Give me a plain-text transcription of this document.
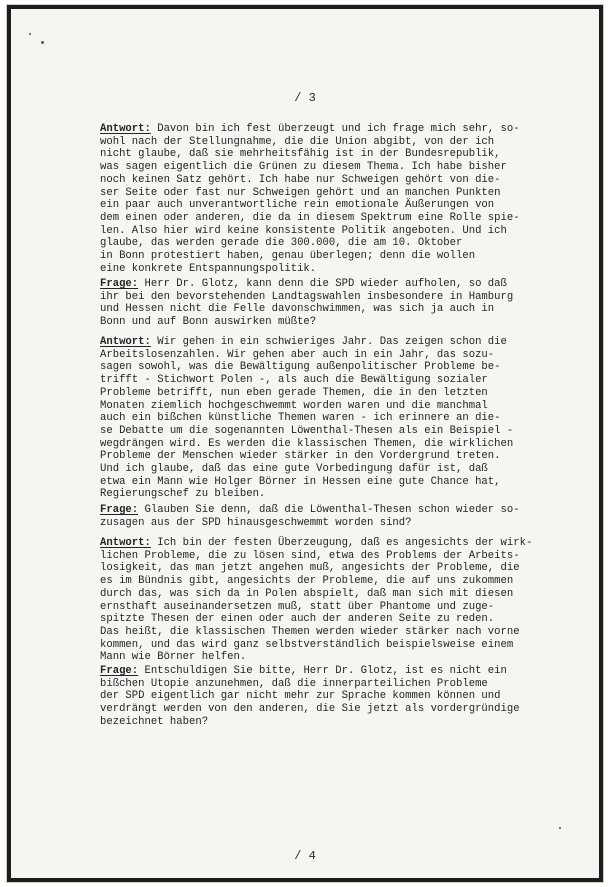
/ 3

Antwort: Davon bin ich fest überzeugt und ich frage mich sehr, so-
wohl nach der Stellungnahme, die die Union abgibt, von der ich
nicht glaube, daß sie mehrheitsfähig ist in der Bundesrepublik,
was sagen eigentlich die Grünen zu diesem Thema. Ich habe bisher
noch keinen Satz gehört. Ich habe nur Schweigen gehört von die-
ser Seite oder fast nur Schweigen gehört und an manchen Punkten
ein paar auch unverantwortliche rein emotionale Äußerungen von
dem einen oder anderen, die da in diesem Spektrum eine Rolle spie-
len. Also hier wird keine konsistente Politik angeboten. Und ich
glaube, das werden gerade die 300.000, die am 10. Oktober
in Bonn protestiert haben, genau überlegen; denn die wollen
eine konkrete Entspannungspolitik.

Frage: Herr Dr. Glotz, kann denn die SPD wieder aufholen, so daß
ihr bei den bevorstehenden Landtagswahlen insbesondere in Hamburg
und Hessen nicht die Felle davonschwimmen, was sich ja auch in
Bonn und auf Bonn auswirken müßte?

Antwort: Wir gehen in ein schwieriges Jahr. Das zeigen schon die
Arbeitslosenzahlen. Wir gehen aber auch in ein Jahr, das sozu-
sagen sowohl, was die Bewältigung außenpolitischer Probleme be-
trifft - Stichwort Polen -, als auch die Bewältigung sozialer
Probleme betrifft, nun eben gerade Themen, die in den letzten
Monaten ziemlich hochgeschwemmt worden waren und die manchmal
auch ein bißchen künstliche Themen waren - ich erinnere an die-
se Debatte um die sogenannten Löwenthal-Thesen als ein Beispiel -
wegdrängen wird. Es werden die klassischen Themen, die wirklichen
Probleme der Menschen wieder stärker in den Vordergrund treten.
Und ich glaube, daß das eine gute Vorbedingung dafür ist, daß
etwa ein Mann wie Holger Börner in Hessen eine gute Chance hat,
Regierungschef zu bleiben.

Frage: Glauben Sie denn, daß die Löwenthal-Thesen schon wieder so-
zusagen aus der SPD hinausgeschwemmt worden sind?

Antwort: Ich bin der festen Überzeugung, daß es angesichts der wirk-
lichen Probleme, die zu lösen sind, etwa des Problems der Arbeits-
losigkeit, das man jetzt angehen muß, angesichts der Probleme, die
es im Bündnis gibt, angesichts der Probleme, die auf uns zukommen
durch das, was sich da in Polen abspielt, daß man sich mit diesen
ernsthaft auseinandersetzen muß, statt über Phantome und zuge-
spitzte Thesen der einen oder auch der anderen Seite zu reden.
Das heißt, die klassischen Themen werden wieder stärker nach vorne
kommen, und das wird ganz selbstverständlich beispielsweise einem
Mann wie Börner helfen.

Frage: Entschuldigen Sie bitte, Herr Dr. Glotz, ist es nicht ein
bißchen Utopie anzunehmen, daß die innerparteilichen Probleme
der SPD eigentlich gar nicht mehr zur Sprache kommen können und
verdrängt werden von den anderen, die Sie jetzt als vordergründige
bezeichnet haben?

/ 4
